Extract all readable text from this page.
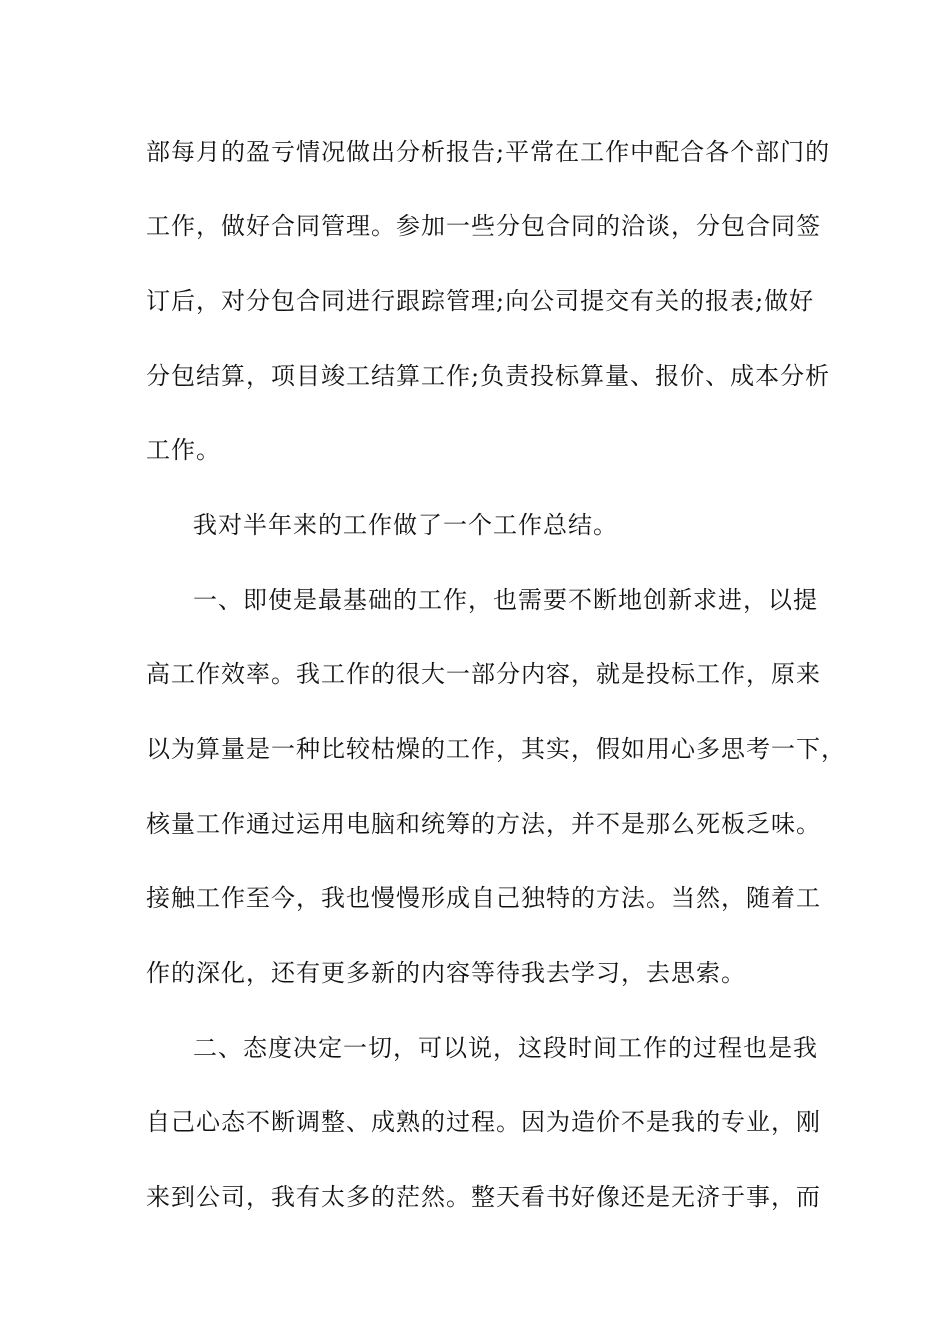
部每月的盈亏情况做出分析报告;平常在工作中配合各个部门的
工作，做好合同管理。参加一些分包合同的洽谈，分包合同签
订后，对分包合同进行跟踪管理;向公司提交有关的报表;做好
分包结算，项目竣工结算工作;负责投标算量、报价、成本分析
工作。
我对半年来的工作做了一个工作总结。
一、即使是最基础的工作，也需要不断地创新求进，以提
高工作效率。我工作的很大一部分内容，就是投标工作，原来
以为算量是一种比较枯燥的工作，其实，假如用心多思考一下，
核量工作通过运用电脑和统筹的方法，并不是那么死板乏味。
接触工作至今，我也慢慢形成自己独特的方法。当然，随着工
作的深化，还有更多新的内容等待我去学习，去思索。
二、态度决定一切，可以说，这段时间工作的过程也是我
自己心态不断调整、成熟的过程。因为造价不是我的专业，刚
来到公司，我有太多的茫然。整天看书好像还是无济于事，而
